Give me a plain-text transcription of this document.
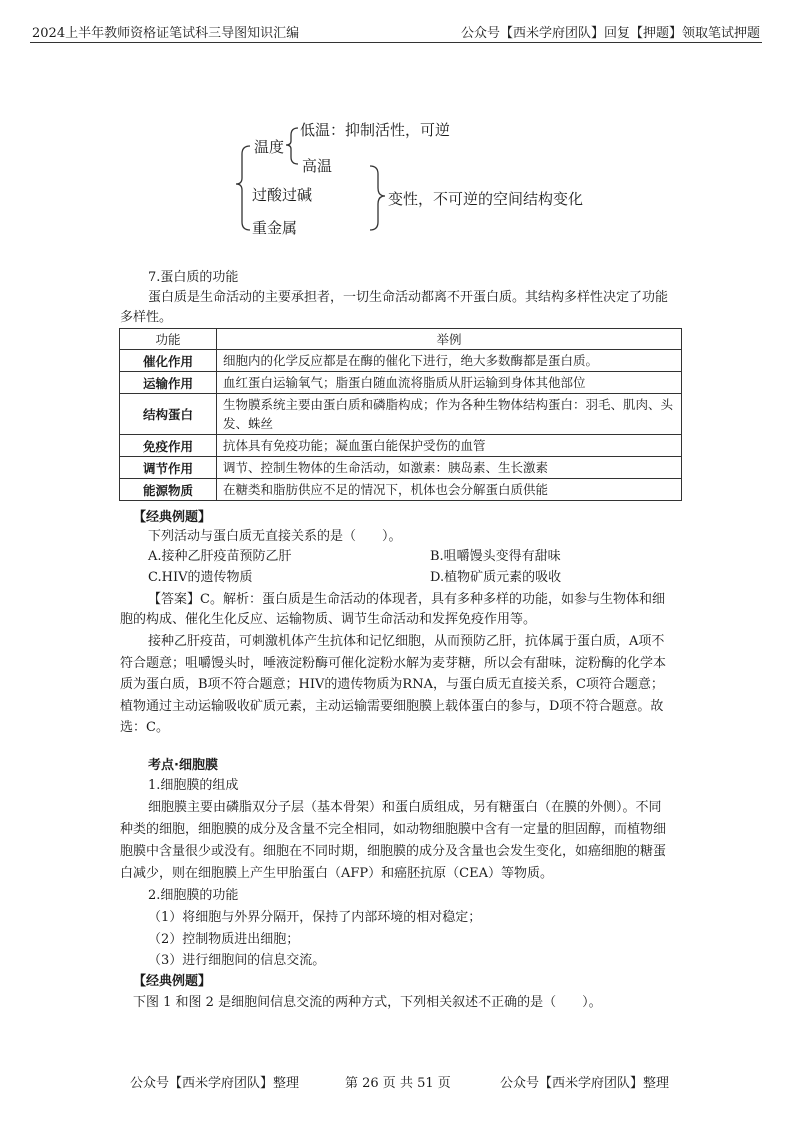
2024上半年教师资格证笔试科三导图知识汇编	公众号【西米学府团队】回复【押题】领取笔试押题
温度
低温：抑制活性，可逆
高温
过酸过碱
重金属
变性，不可逆的空间结构变化
7.蛋白质的功能
蛋白质是生命活动的主要承担者，一切生命活动都离不开蛋白质。其结构多样性决定了功能
多样性。
功能	举例
催化作用	细胞内的化学反应都是在酶的催化下进行，绝大多数酶都是蛋白质。
运输作用	血红蛋白运输氧气；脂蛋白随血流将脂质从肝运输到身体其他部位
结构蛋白	生物膜系统主要由蛋白质和磷脂构成；作为各种生物体结构蛋白：羽毛、肌肉、头发、蛛丝
免疫作用	抗体具有免疫功能；凝血蛋白能保护受伤的血管
调节作用	调节、控制生物体的生命活动，如激素：胰岛素、生长激素
能源物质	在糖类和脂肪供应不足的情况下，机体也会分解蛋白质供能
【经典例题】
下列活动与蛋白质无直接关系的是（　　）。
A.接种乙肝疫苗预防乙肝	B.咀嚼馒头变得有甜味
C.HIV的遗传物质	D.植物矿质元素的吸收
【答案】C。解析：蛋白质是生命活动的体现者，具有多种多样的功能，如参与生物体和细
胞的构成、催化生化反应、运输物质、调节生命活动和发挥免疫作用等。
接种乙肝疫苗，可刺激机体产生抗体和记忆细胞，从而预防乙肝，抗体属于蛋白质，A项不
符合题意；咀嚼馒头时，唾液淀粉酶可催化淀粉水解为麦芽糖，所以会有甜味，淀粉酶的化学本
质为蛋白质，B项不符合题意；HIV的遗传物质为RNA，与蛋白质无直接关系，C项符合题意；
植物通过主动运输吸收矿质元素，主动运输需要细胞膜上载体蛋白的参与，D项不符合题意。故
选：C。
考点·细胞膜
1.细胞膜的组成
细胞膜主要由磷脂双分子层（基本骨架）和蛋白质组成，另有糖蛋白（在膜的外侧）。不同
种类的细胞，细胞膜的成分及含量不完全相同，如动物细胞膜中含有一定量的胆固醇，而植物细
胞膜中含量很少或没有。细胞在不同时期，细胞膜的成分及含量也会发生变化，如癌细胞的糖蛋
白减少，则在细胞膜上产生甲胎蛋白（AFP）和癌胚抗原（CEA）等物质。
2.细胞膜的功能
（1）将细胞与外界分隔开，保持了内部环境的相对稳定；
（2）控制物质进出细胞；
（3）进行细胞间的信息交流。
【经典例题】
下图 1 和图 2 是细胞间信息交流的两种方式，下列相关叙述不正确的是（　　）。
公众号【西米学府团队】整理	第 26 页 共 51 页	公众号【西米学府团队】整理
